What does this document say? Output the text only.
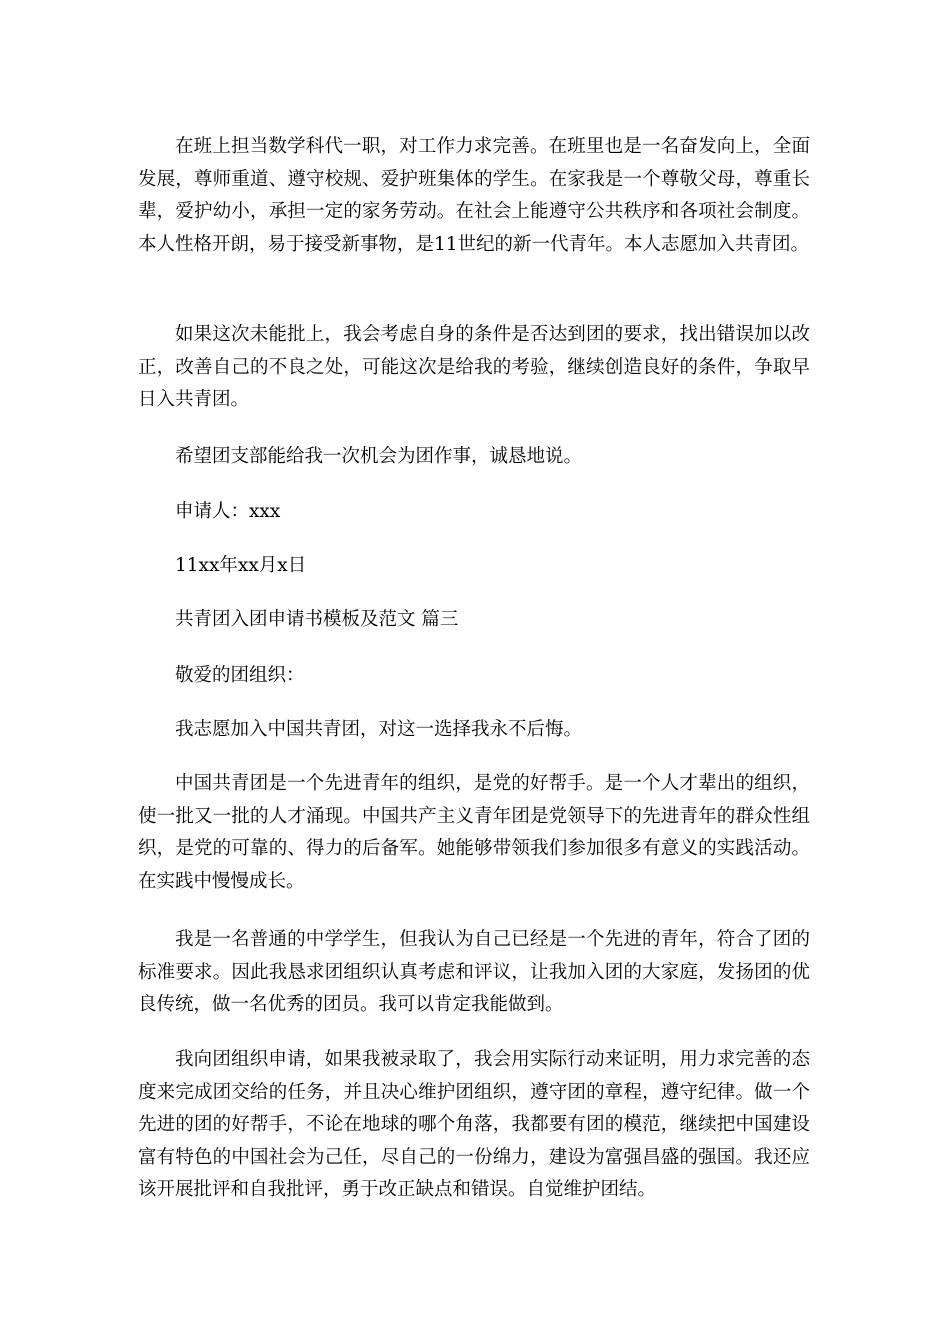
在班上担当数学科代一职，对工作力求完善。在班里也是一名奋发向上，全面发展，尊师重道、遵守校规、爱护班集体的学生。在家我是一个尊敬父母，尊重长辈，爱护幼小，承担一定的家务劳动。在社会上能遵守公共秩序和各项社会制度。本人性格开朗，易于接受新事物，是11世纪的新一代青年。本人志愿加入共青团。

如果这次未能批上，我会考虑自身的条件是否达到团的要求，找出错误加以改正，改善自己的不良之处，可能这次是给我的考验，继续创造良好的条件，争取早日入共青团。

希望团支部能给我一次机会为团作事，诚恳地说。

申请人：xxx

11xx年xx月x日

共青团入团申请书模板及范文 篇三

敬爱的团组织：

我志愿加入中国共青团，对这一选择我永不后悔。

中国共青团是一个先进青年的组织，是党的好帮手。是一个人才辈出的组织，使一批又一批的人才涌现。中国共产主义青年团是党领导下的先进青年的群众性组织，是党的可靠的、得力的后备军。她能够带领我们参加很多有意义的实践活动。在实践中慢慢成长。

我是一名普通的中学学生，但我认为自己已经是一个先进的青年，符合了团的标准要求。因此我恳求团组织认真考虑和评议，让我加入团的大家庭，发扬团的优良传统，做一名优秀的团员。我可以肯定我能做到。

我向团组织申请，如果我被录取了，我会用实际行动来证明，用力求完善的态度来完成团交给的任务，并且决心维护团组织，遵守团的章程，遵守纪律。做一个先进的团的好帮手，不论在地球的哪个角落，我都要有团的模范，继续把中国建设富有特色的中国社会为己任，尽自己的一份绵力，建设为富强昌盛的强国。我还应该开展批评和自我批评，勇于改正缺点和错误。自觉维护团结。
